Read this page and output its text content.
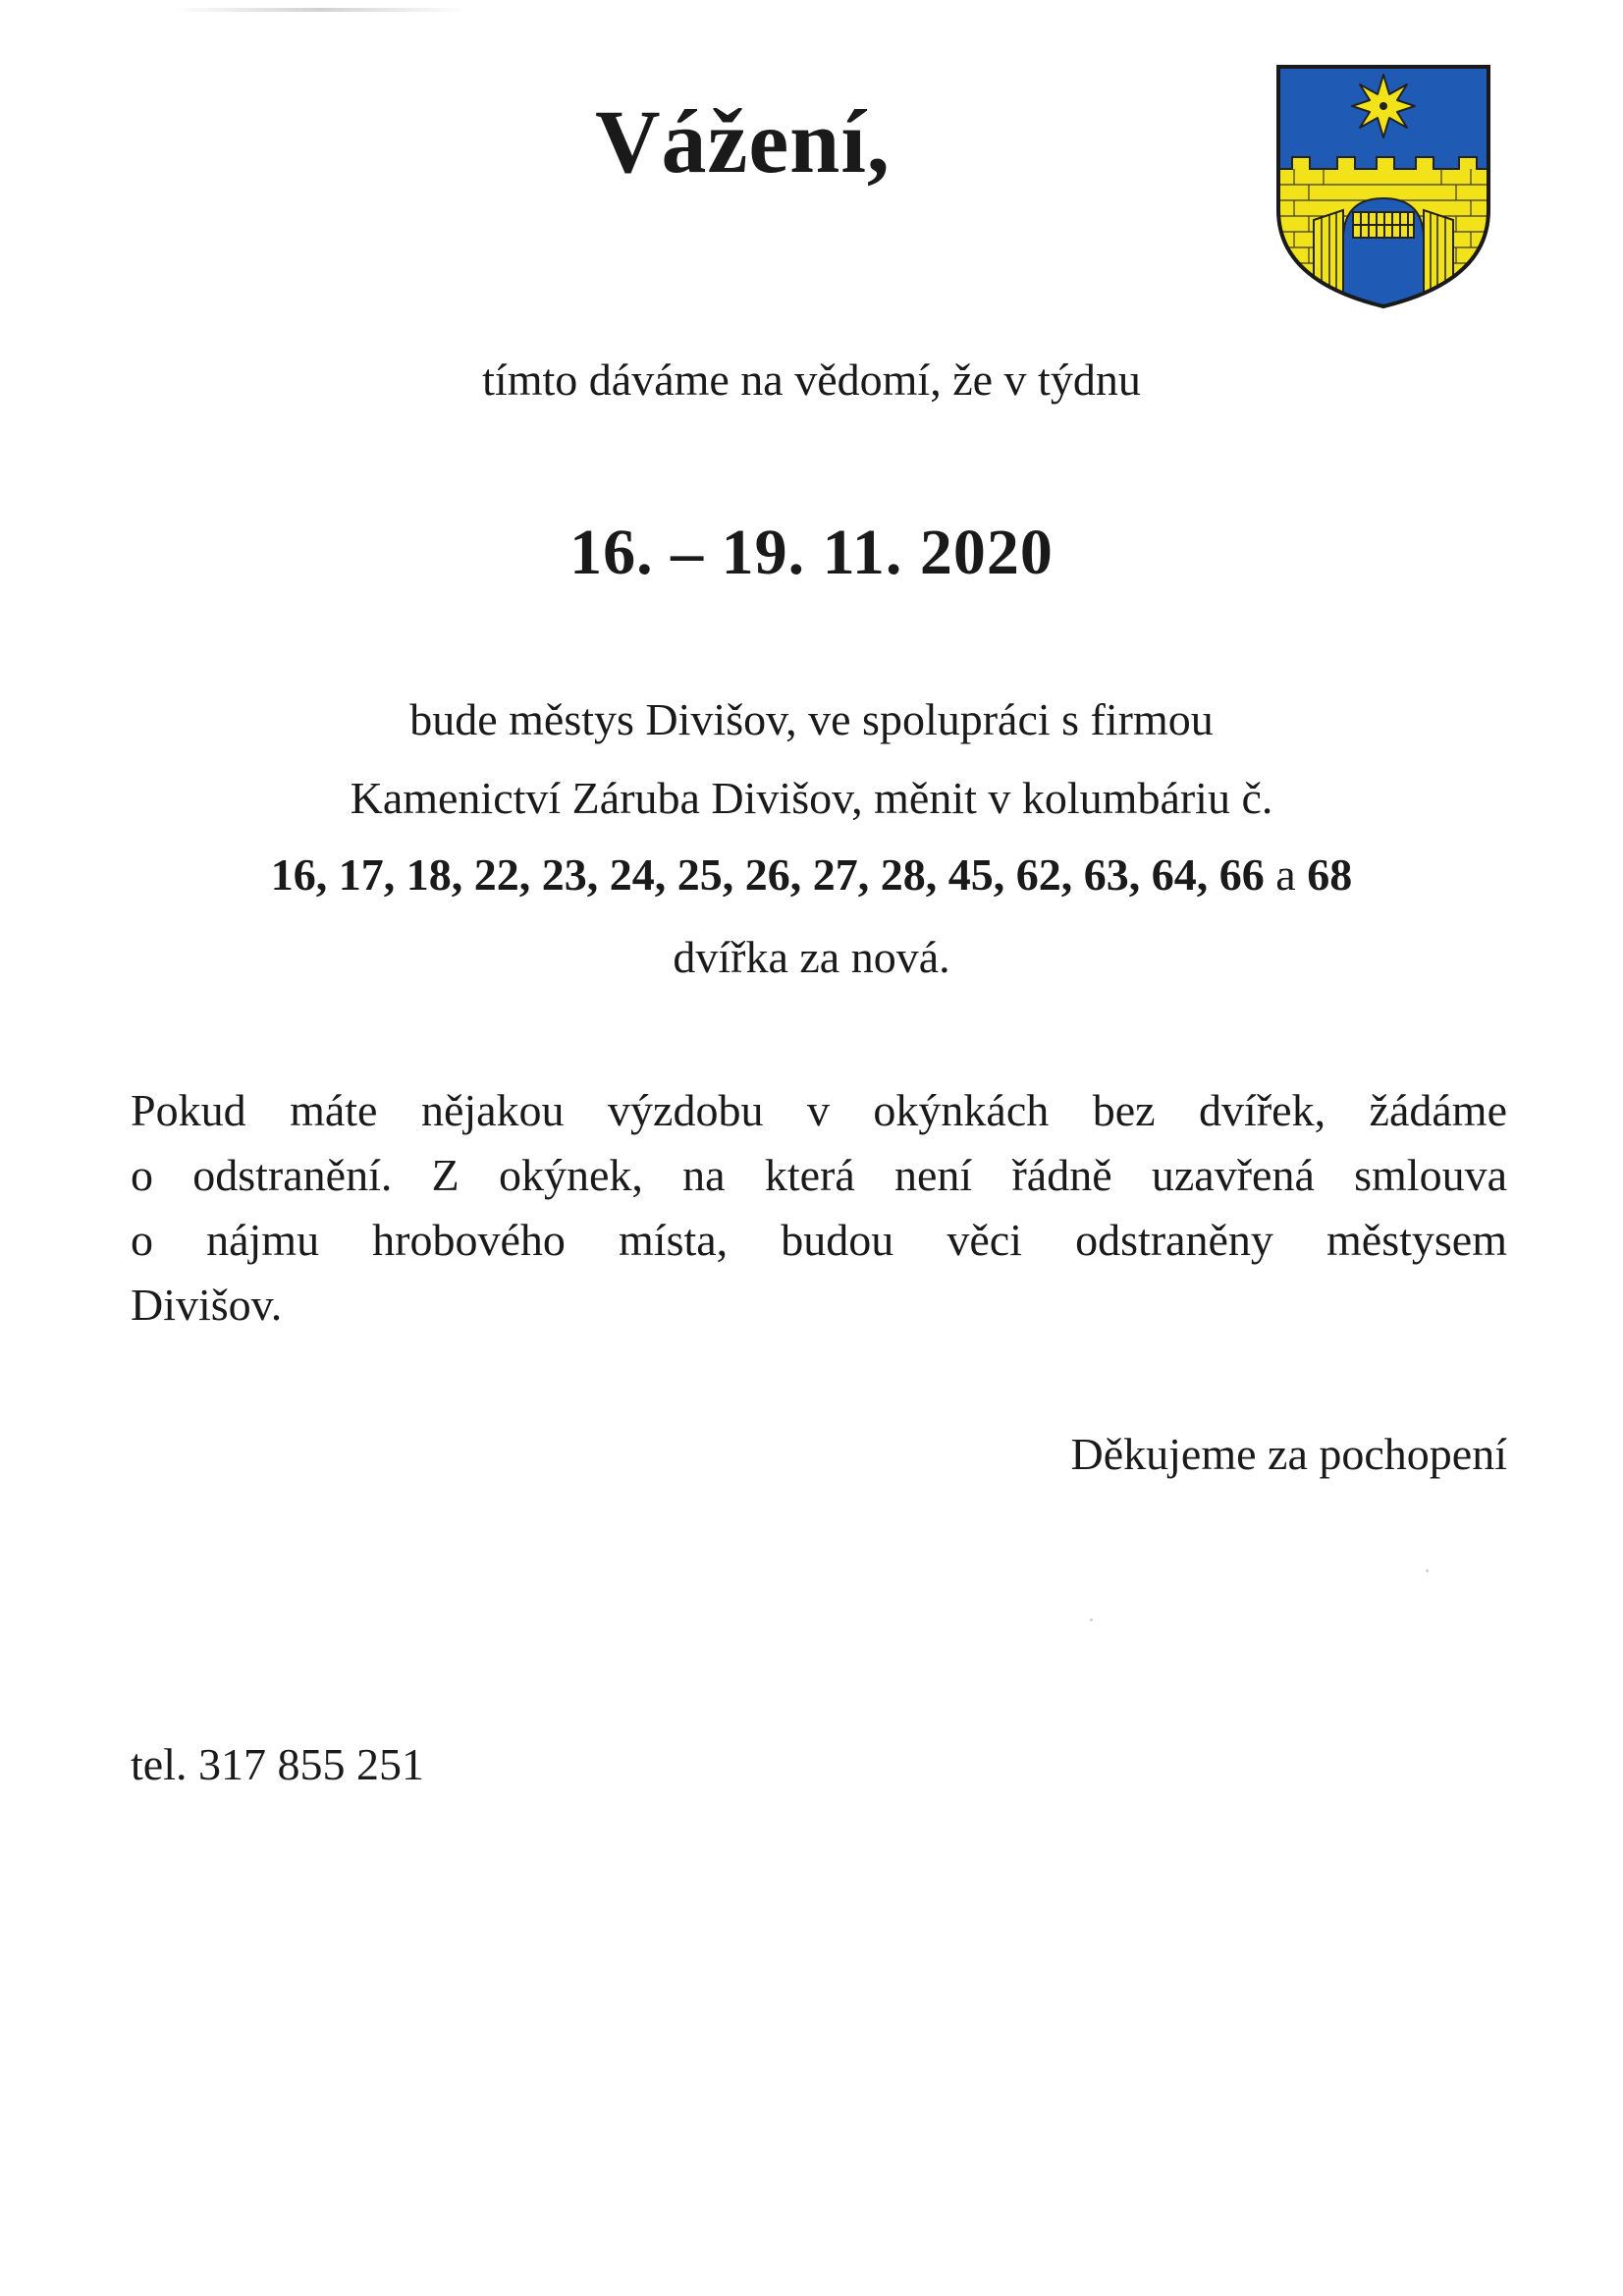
Vážení,
tímto dáváme na vědomí, že v týdnu
16. – 19. 11. 2020
bude městys Divišov, ve spolupráci s firmou
Kamenictví Záruba Divišov, měnit v kolumbáriu č.
16, 17, 18, 22, 23, 24, 25, 26, 27, 28, 45, 62, 63, 64, 66 a 68
dvířka za nová.
Pokud máte nějakou výzdobu v okýnkách bez dvířek, žádáme
o odstranění. Z okýnek, na která není řádně uzavřená smlouva
o nájmu hrobového místa, budou věci odstraněny městysem
Divišov.
Děkujeme za pochopení
tel. 317 855 251
